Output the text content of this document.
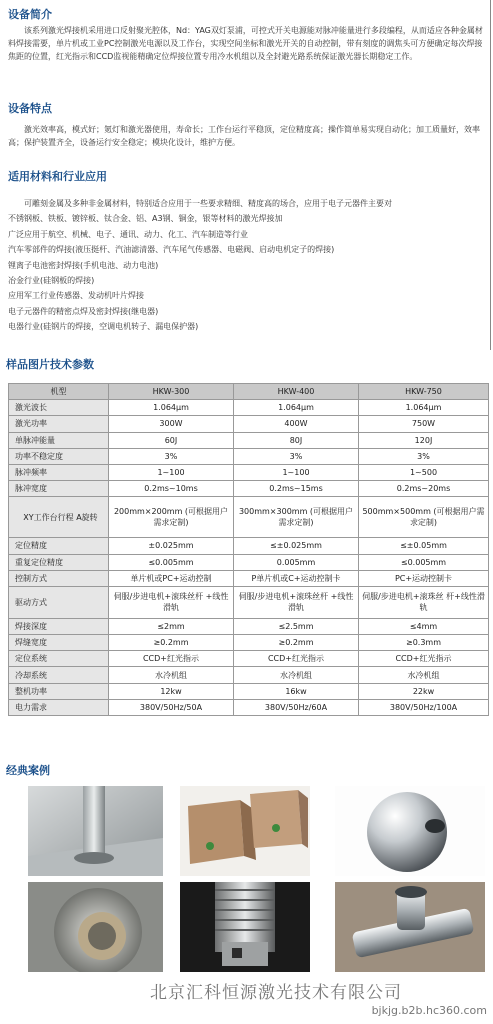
设备简介

该系列激光焊接机采用进口反射聚光腔体，Nd：YAG双灯泵浦，可控式开关电源能对脉冲能量进行多段编程，从而适应各种金属材料焊接需要，单片机或工业PC控制激光电源以及工作台，实现空间坐标和激光开关的自动控制，带有刻度的调焦头可方便确定每次焊接焦距的位置，红光指示和CCD监视能精确定位焊接位置专用冷水机组以及全封避光路系统保证激光器长期稳定工作。

设备特点

激光效率高，模式好；氪灯和激光器使用，寿命长；工作台运行平稳顶，定位精度高；操作简单易实现自动化；加工质量好，效率高；保护装置齐全，设备运行安全稳定；模块化设计，维护方便。

适用材料和行业应用
可雕刻金属及多种非金属材料，特别适合应用于一些要求精细、精度高的场合，应用于电子元器件主要对
不锈钢板、铁板、镀锌板、钛合金、铝、A3钢、铜金，银等材料的激光焊接加
广泛应用于航空、机械、电子、通讯、动力、化工、汽车制造等行业
汽车零部件的焊接(液压挺杆、汽油滤清器、汽车尾气传感器、电磁阀、启动电机定子的焊接)
锂离子电池密封焊接(手机电池、动力电池)
冶金行业(硅钢板的焊接)
应用军工行业传感器、发动机叶片焊接
电子元器件的精密点焊及密封焊接(继电器)
电器行业(硅钢片的焊接，空调电机转子、漏电保护器)
样品图片技术参数
机型	HKW-300	HKW-400	HKW-750
激光波长	1.064μm	1.064μm	1.064μm
激光功率	300W	400W	750W
单脉冲能量	60J	80J	120J
功率不稳定度	3%	3%	3%
脉冲频率	1~100	1~100	1~500
脉冲宽度	0.2ms~10ms	0.2ms~15ms	0.2ms~20ms
XY工作台行程 A旋转	200mm×200mm (可根据用户需求定制)	300mm×300mm (可根据用户需求定制)	500mm×500mm (可根据用户需求定制)
定位精度	±0.025mm	≤±0.025mm	≤±0.05mm
重复定位精度	≤0.005mm	0.005mm	≤0.005mm
控制方式	单片机或PC+运动控制	P单片机或C+运动控制卡	PC+运动控制卡
驱动方式	伺服/步进电机+滚珠丝杆 +线性滑轨	伺服/步进电机+滚珠丝杆 +线性滑轨	伺服/步进电机+滚珠丝 杆+线性滑轨
焊接深度	≤2mm	≤2.5mm	≤4mm
焊缝宽度	≥0.2mm	≥0.2mm	≥0.3mm
定位系统	CCD+红光指示	CCD+红光指示	CCD+红光指示
冷却系统	水冷机组	水冷机组	水冷机组
整机功率	12kw	16kw	22kw
电力需求	380V/50Hz/50A	380V/50Hz/60A	380V/50Hz/100A
经典案例
北京汇科恒源激光技术有限公司
bjkjg.b2b.hc360.com
